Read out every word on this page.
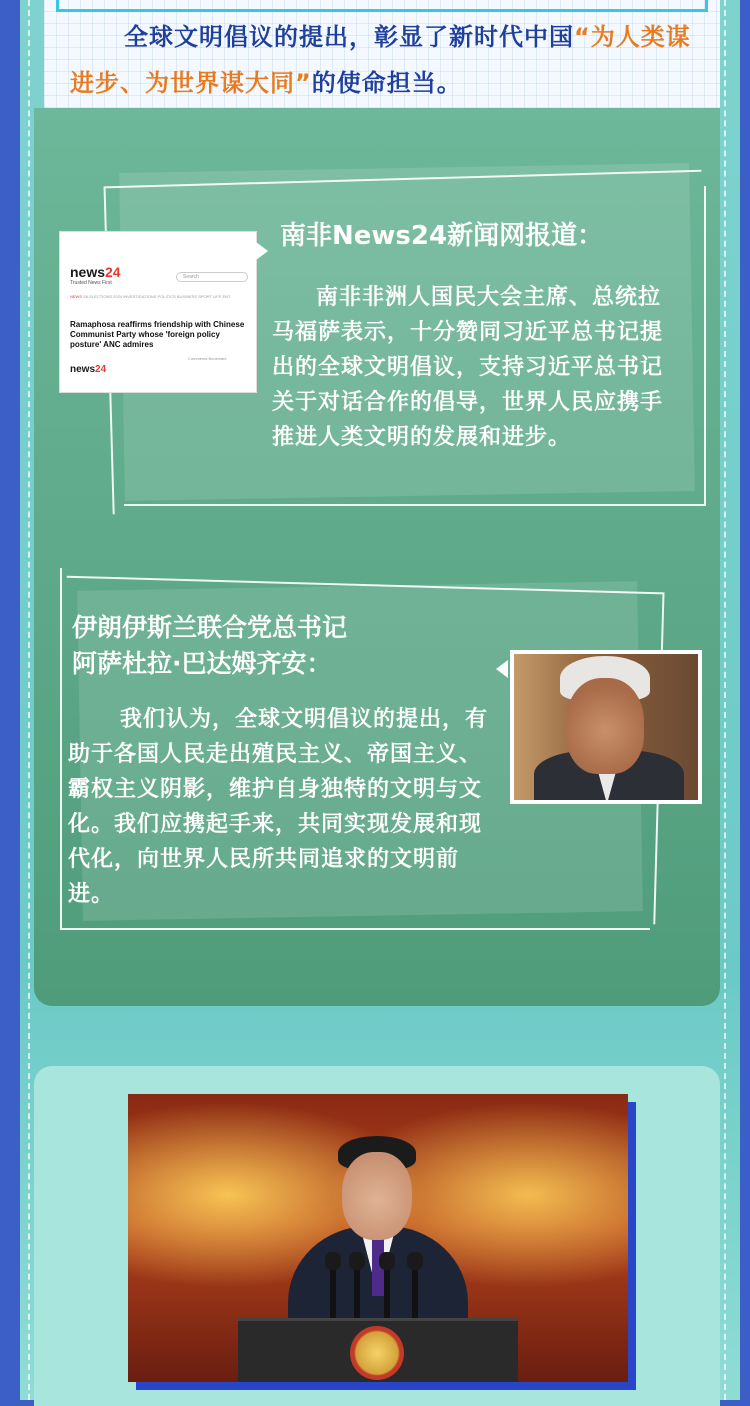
全球文明倡议的提出，彰显了新时代中国“为人类谋进步、为世界谋大同”的使命担当。
news24
Trusted News First
Search
NEWS SA ELECTIONS 2024 INVESTIGATIONS POLITICS BUSINESS SPORT LIFE ENT
Ramaphosa reaffirms friendship with Chinese Communist Party whose 'foreign policy posture' ANC admires
news24
Comments Bookmark
南非News24新闻网报道：
南非非洲人国民大会主席、总统拉马福萨表示，十分赞同习近平总书记提出的全球文明倡议，支持习近平总书记关于对话合作的倡导，世界人民应携手推进人类文明的发展和进步。
伊朗伊斯兰联合党总书记
阿萨杜拉·巴达姆齐安：
我们认为，全球文明倡议的提出，有助于各国人民走出殖民主义、帝国主义、霸权主义阴影，维护自身独特的文明与文化。我们应携起手来，共同实现发展和现代化，向世界人民所共同追求的文明前进。
